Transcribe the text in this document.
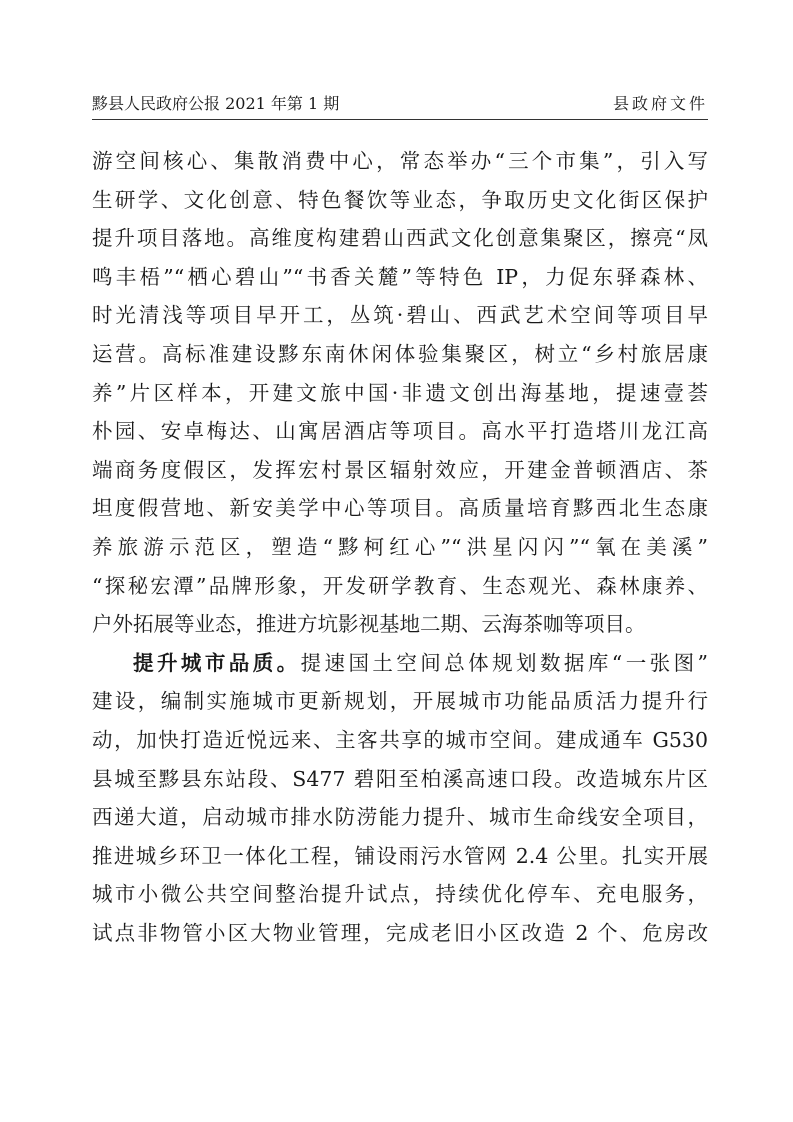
黟县人民政府公报 2021 年第 1 期	县政府文件
游空间核心、集散消费中心，常态举办“三个市集”，引入写
生研学、文化创意、特色餐饮等业态，争取历史文化街区保护
提升项目落地。高维度构建碧山西武文化创意集聚区，擦亮“凤
鸣丰梧”“栖心碧山”“书香关麓”等特色 IP，力促东驿森林、
时光清浅等项目早开工，丛筑·碧山、西武艺术空间等项目早
运营。高标准建设黟东南休闲体验集聚区，树立“乡村旅居康
养”片区样本，开建文旅中国·非遗文创出海基地，提速壹荟
朴园、安卓梅达、山寓居酒店等项目。高水平打造塔川龙江高
端商务度假区，发挥宏村景区辐射效应，开建金普顿酒店、茶
坦度假营地、新安美学中心等项目。高质量培育黟西北生态康
养旅游示范区，塑造“黟柯红心”“洪星闪闪”“氧在美溪”
“探秘宏潭”品牌形象，开发研学教育、生态观光、森林康养、
户外拓展等业态，推进方坑影视基地二期、云海茶咖等项目。
提升城市品质。提速国土空间总体规划数据库“一张图”
建设，编制实施城市更新规划，开展城市功能品质活力提升行
动，加快打造近悦远来、主客共享的城市空间。建成通车 G530
县城至黟县东站段、S477 碧阳至柏溪高速口段。改造城东片区
西递大道，启动城市排水防涝能力提升、城市生命线安全项目，
推进城乡环卫一体化工程，铺设雨污水管网 2.4 公里。扎实开展
城市小微公共空间整治提升试点，持续优化停车、充电服务，
试点非物管小区大物业管理，完成老旧小区改造 2 个、危房改
